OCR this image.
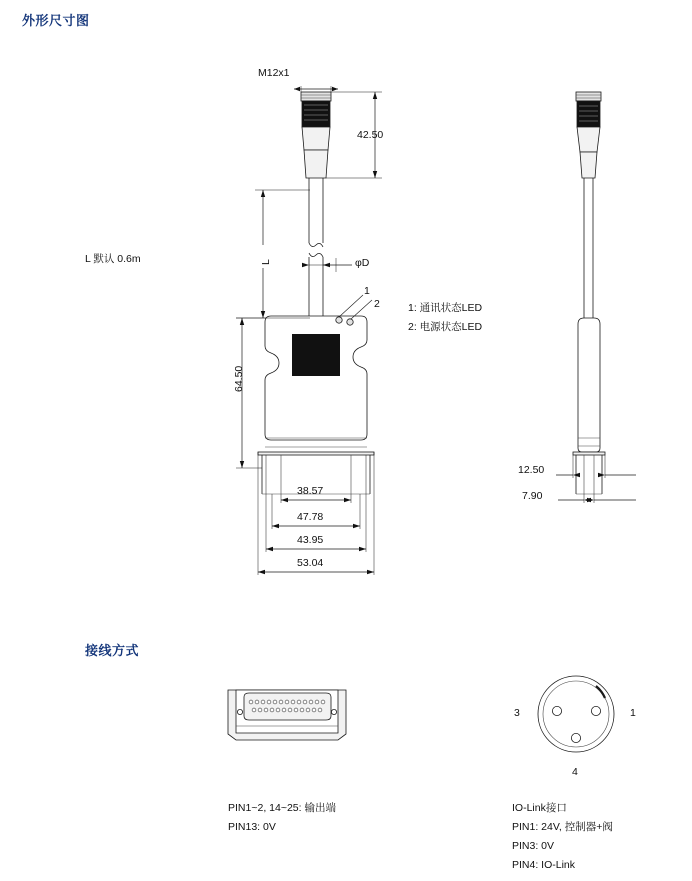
外形尺寸图
M12x1
42.50
64.50
L	φD
L 默认 0.6m
1
2	1: 通讯状态LED
2: 电源状态LED
38.57
47.78
43.95
53.04
12.50
7.90
接线方式
3	1
4
PIN1~2, 14~25: 输出端
PIN13: 0V
IO-Link接口
PIN1: 24V, 控制器+阀
PIN3: 0V
PIN4: IO-Link
